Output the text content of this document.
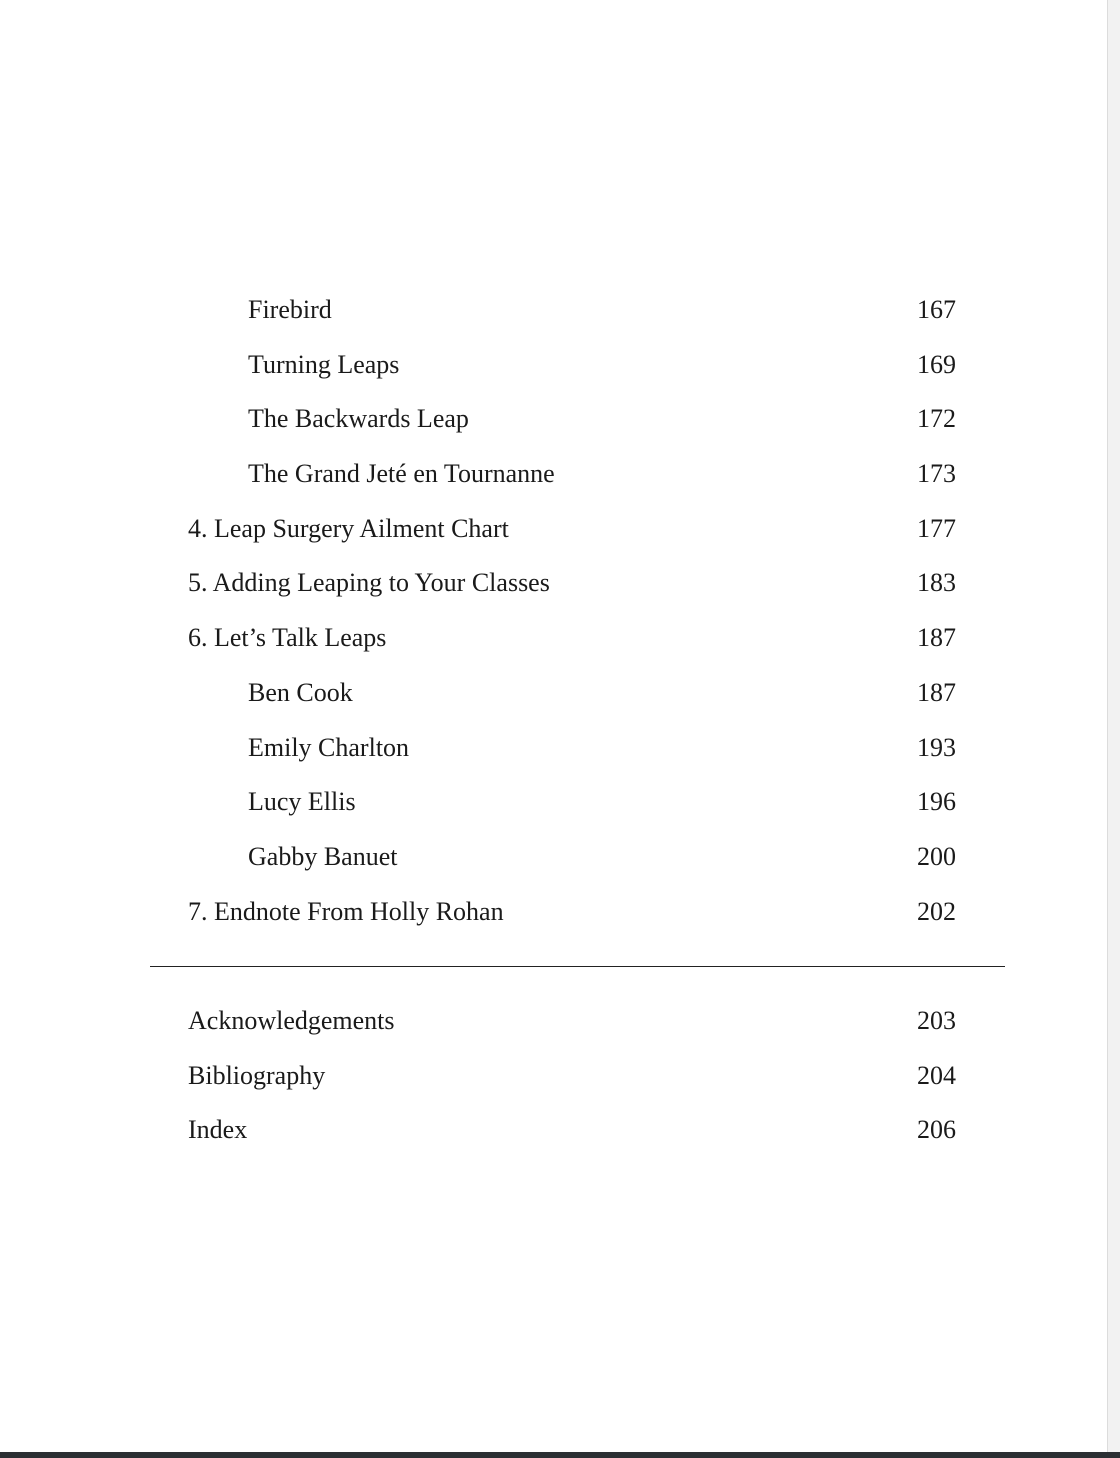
Firebird	167
Turning Leaps	169
The Backwards Leap	172
The Grand Jeté en Tournanne	173
4. Leap Surgery Ailment Chart	177
5. Adding Leaping to Your Classes	183
6. Let’s Talk Leaps	187
Ben Cook	187
Emily Charlton	193
Lucy Ellis	196
Gabby Banuet	200
7. Endnote From Holly Rohan	202
Acknowledgements	203
Bibliography	204
Index	206
